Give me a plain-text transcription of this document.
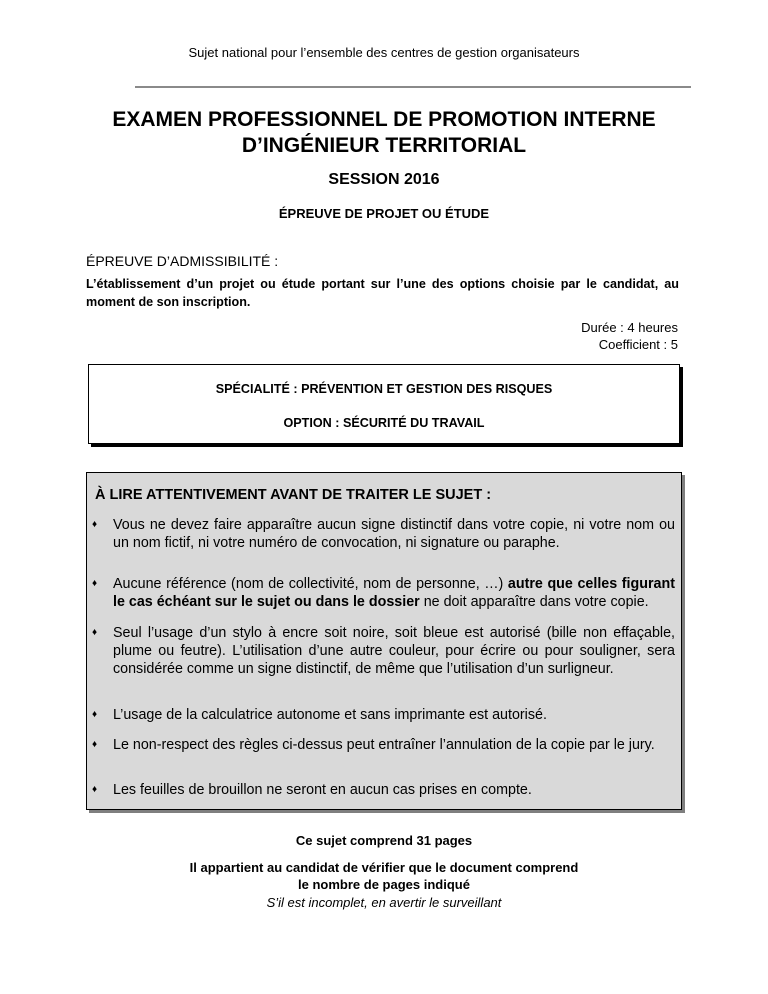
Sujet national pour l’ensemble des centres de gestion organisateurs
EXAMEN PROFESSIONNEL DE PROMOTION INTERNE
D’INGÉNIEUR TERRITORIAL
SESSION 2016
ÉPREUVE DE PROJET OU ÉTUDE
ÉPREUVE D’ADMISSIBILITÉ :
L’établissement d’un projet ou étude portant sur l’une des options choisie par le candidat, au moment de son inscription.
Durée : 4 heures
Coefficient : 5
SPÉCIALITÉ : PRÉVENTION ET GESTION DES RISQUES
OPTION : SÉCURITÉ DU TRAVAIL
À LIRE ATTENTIVEMENT AVANT DE TRAITER LE SUJET :
♦ Vous ne devez faire apparaître aucun signe distinctif dans votre copie, ni votre nom ou un nom fictif, ni votre numéro de convocation, ni signature ou paraphe.
♦ Aucune référence (nom de collectivité, nom de personne, …) autre que celles figurant le cas échéant sur le sujet ou dans le dossier ne doit apparaître dans votre copie.
♦ Seul l’usage d’un stylo à encre soit noire, soit bleue est autorisé (bille non effaçable, plume ou feutre). L’utilisation d’une autre couleur, pour écrire ou pour souligner, sera considérée comme un signe distinctif, de même que l’utilisation d’un surligneur.
♦ L’usage de la calculatrice autonome et sans imprimante est autorisé.
♦ Le non-respect des règles ci-dessus peut entraîner l’annulation de la copie par le jury.
♦ Les feuilles de brouillon ne seront en aucun cas prises en compte.
Ce sujet comprend 31 pages
Il appartient au candidat de vérifier que le document comprend
le nombre de pages indiqué
S’il est incomplet, en avertir le surveillant
